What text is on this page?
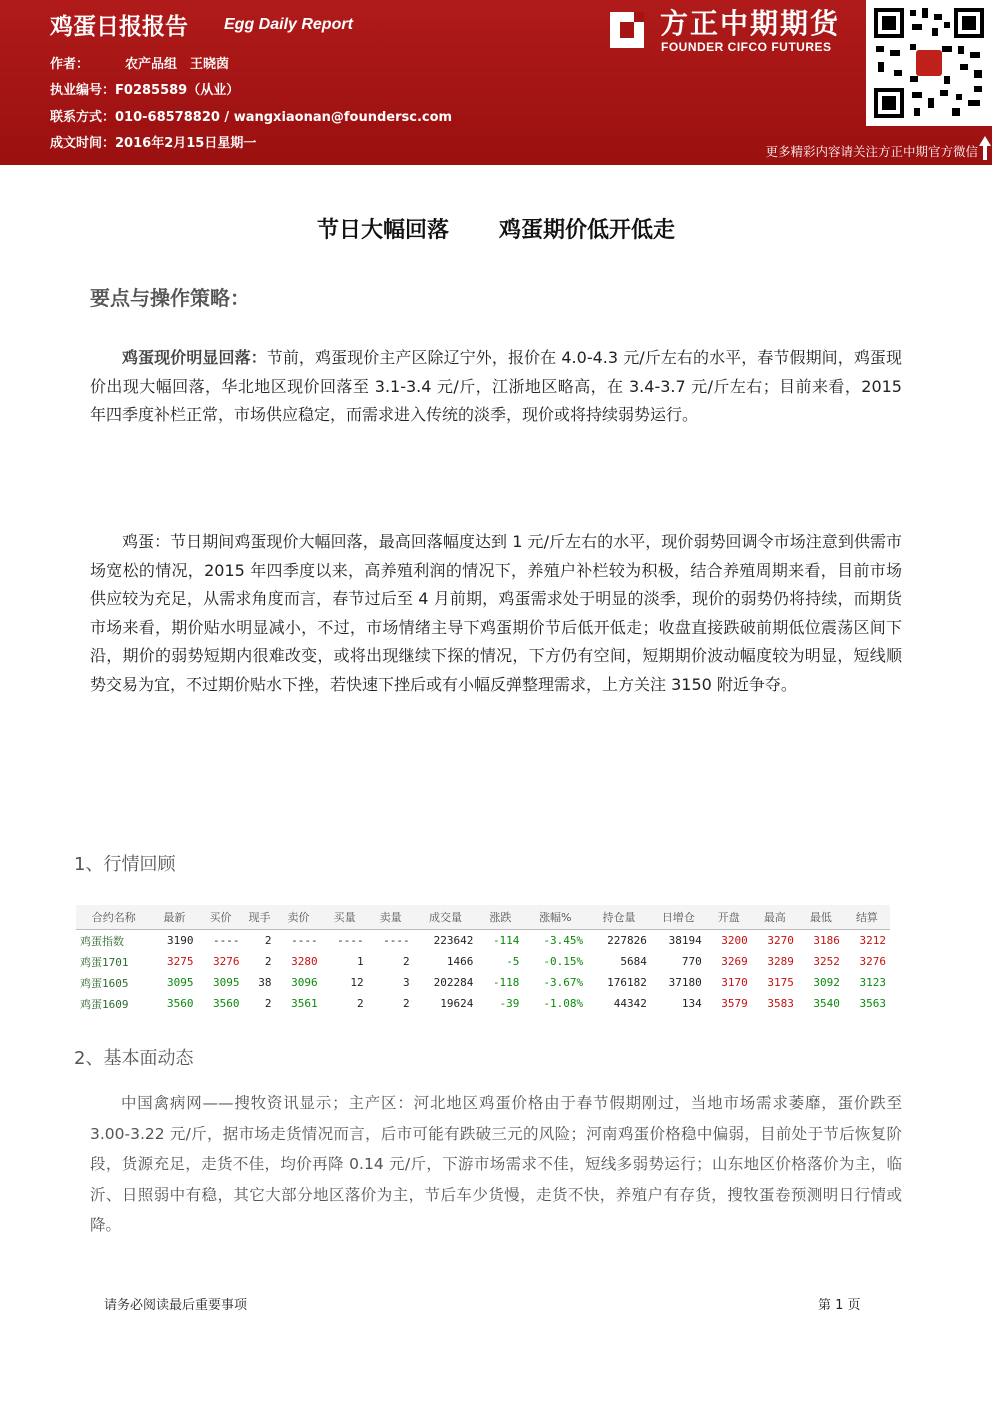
鸡蛋日报报告 Egg Daily Report
作者：	农产品组　王晓茵
执业编号：F0285589（从业）
联系方式：010-68578820 / wangxiaonan@foundersc.com
成文时间：2016年2月15日星期一
方正中期期货
FOUNDER CIFCO FUTURES
更多精彩内容请关注方正中期官方微信
节日大幅回落 鸡蛋期价低开低走
要点与操作策略：
鸡蛋现价明显回落：节前，鸡蛋现价主产区除辽宁外，报价在 4.0-4.3 元/斤左右的水平，春节假期间，鸡蛋现价出现大幅回落，华北地区现价回落至 3.1-3.4 元/斤，江浙地区略高，在 3.4-3.7 元/斤左右；目前来看，2015 年四季度补栏正常，市场供应稳定，而需求进入传统的淡季，现价或将持续弱势运行。
鸡蛋：节日期间鸡蛋现价大幅回落，最高回落幅度达到 1 元/斤左右的水平，现价弱势回调令市场注意到供需市场宽松的情况，2015 年四季度以来，高养殖利润的情况下，养殖户补栏较为积极，结合养殖周期来看，目前市场供应较为充足，从需求角度而言，春节过后至 4 月前期，鸡蛋需求处于明显的淡季，现价的弱势仍将持续，而期货市场来看，期价贴水明显减小，不过，市场情绪主导下鸡蛋期价节后低开低走；收盘直接跌破前期低位震荡区间下沿，期价的弱势短期内很难改变，或将出现继续下探的情况，下方仍有空间，短期期价波动幅度较为明显，短线顺势交易为宜，不过期价贴水下挫，若快速下挫后或有小幅反弹整理需求，上方关注 3150 附近争夺。
1、行情回顾
合约名称	最新	买价	现手	卖价	买量	卖量	成交量	涨跌	涨幅%	持仓量	日增仓	开盘	最高	最低	结算
鸡蛋指数	3190	----	2	----	----	----	223642	-114	-3.45%	227826	38194	3200	3270	3186	3212
鸡蛋1701	3275	3276	2	3280	1	2	1466	-5	-0.15%	5684	770	3269	3289	3252	3276
鸡蛋1605	3095	3095	38	3096	12	3	202284	-118	-3.67%	176182	37180	3170	3175	3092	3123
鸡蛋1609	3560	3560	2	3561	2	2	19624	-39	-1.08%	44342	134	3579	3583	3540	3563
2、基本面动态
中国禽病网——搜牧资讯显示；主产区：河北地区鸡蛋价格由于春节假期刚过，当地市场需求萎靡，蛋价跌至 3.00-3.22 元/斤，据市场走货情况而言，后市可能有跌破三元的风险；河南鸡蛋价格稳中偏弱，目前处于节后恢复阶段，货源充足，走货不佳，均价再降 0.14 元/斤，下游市场需求不佳，短线多弱势运行；山东地区价格落价为主，临沂、日照弱中有稳，其它大部分地区落价为主，节后车少货慢，走货不快，养殖户有存货，搜牧蛋卷预测明日行情或降。
请务必阅读最后重要事项	第 1 页
